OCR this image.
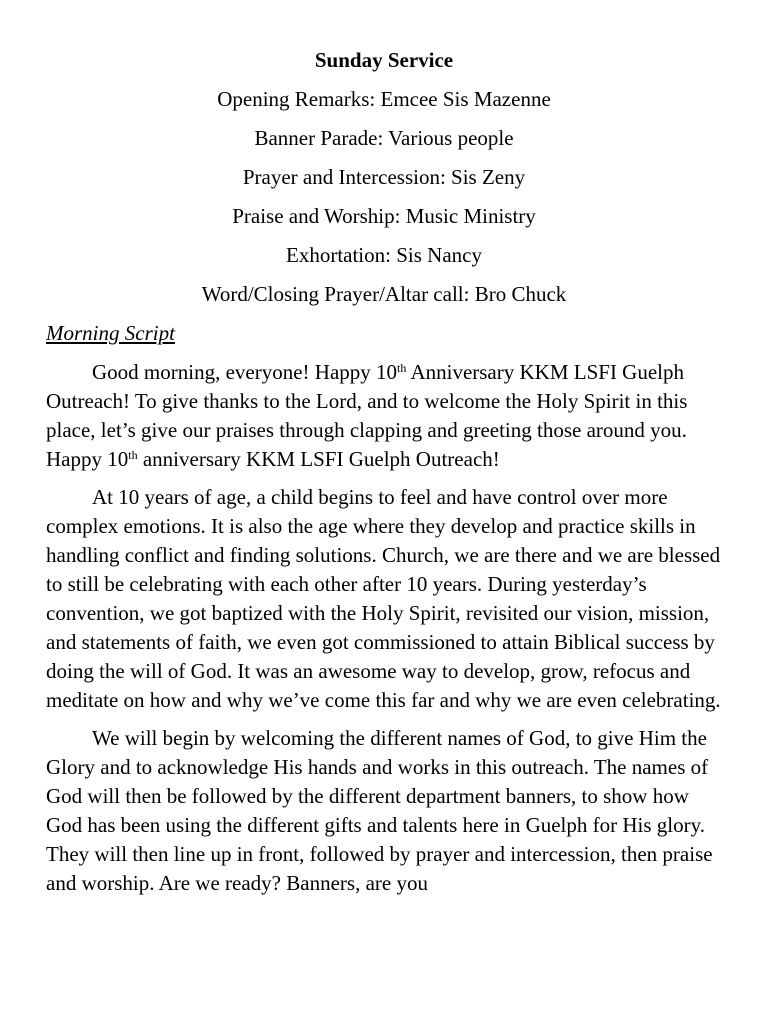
Sunday Service
Opening Remarks: Emcee Sis Mazenne
Banner Parade: Various people
Prayer and Intercession: Sis Zeny
Praise and Worship: Music Ministry
Exhortation: Sis Nancy
Word/Closing Prayer/Altar call: Bro Chuck
Morning Script

Good morning, everyone! Happy 10th Anniversary KKM LSFI Guelph Outreach! To give thanks to the Lord, and to welcome the Holy Spirit in this place, let’s give our praises through clapping and greeting those around you. Happy 10th anniversary KKM LSFI Guelph Outreach!

At 10 years of age, a child begins to feel and have control over more complex emotions. It is also the age where they develop and practice skills in handling conflict and finding solutions. Church, we are there and we are blessed to still be celebrating with each other after 10 years. During yesterday’s convention, we got baptized with the Holy Spirit, revisited our vision, mission, and statements of faith, we even got commissioned to attain Biblical success by doing the will of God. It was an awesome way to develop, grow, refocus and meditate on how and why we’ve come this far and why we are even celebrating.

We will begin by welcoming the different names of God, to give Him the Glory and to acknowledge His hands and works in this outreach. The names of God will then be followed by the different department banners, to show how God has been using the different gifts and talents here in Guelph for His glory. They will then line up in front, followed by prayer and intercession, then praise and worship. Are we ready? Banners, are you
